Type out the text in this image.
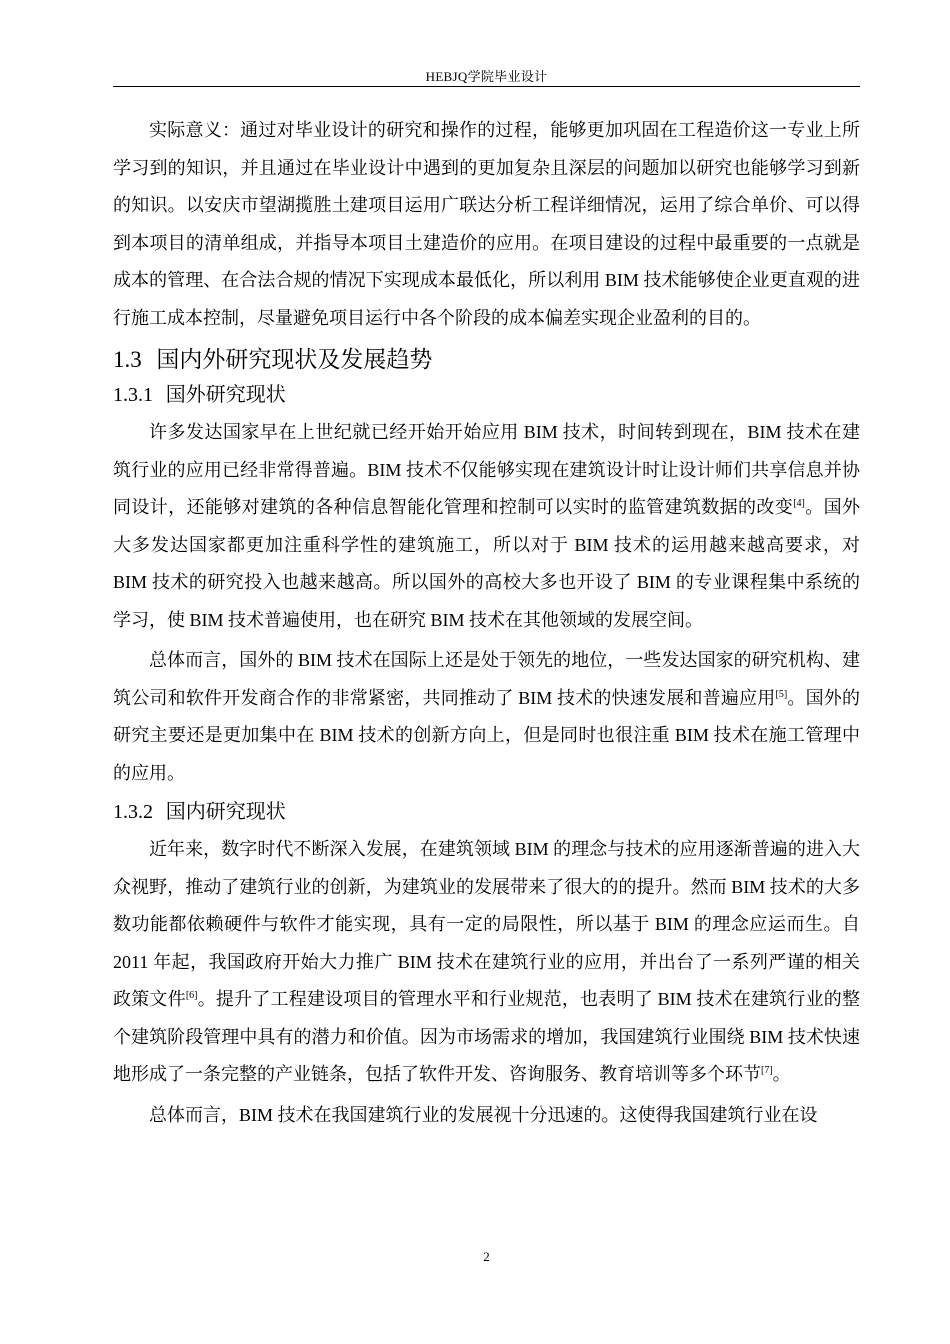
HEBJQ学院毕业设计

实际意义：通过对毕业设计的研究和操作的过程，能够更加巩固在工程造价这一专业上所学习到的知识，并且通过在毕业设计中遇到的更加复杂且深层的问题加以研究也能够学习到新的知识。以安庆市望湖揽胜土建项目运用广联达分析工程详细情况，运用了综合单价、可以得到本项目的清单组成，并指导本项目土建造价的应用。在项目建设的过程中最重要的一点就是成本的管理、在合法合规的情况下实现成本最低化，所以利用 BIM 技术能够使企业更直观的进行施工成本控制，尽量避免项目运行中各个阶段的成本偏差实现企业盈利的目的。

1.3 国内外研究现状及发展趋势
1.3.1 国外研究现状

许多发达国家早在上世纪就已经开始开始应用 BIM 技术，时间转到现在，BIM 技术在建筑行业的应用已经非常得普遍。BIM 技术不仅能够实现在建筑设计时让设计师们共享信息并协同设计，还能够对建筑的各种信息智能化管理和控制可以实时的监管建筑数据的改变[4]。国外大多发达国家都更加注重科学性的建筑施工，所以对于 BIM 技术的运用越来越高要求，对 BIM 技术的研究投入也越来越高。所以国外的高校大多也开设了 BIM 的专业课程集中系统的学习，使 BIM 技术普遍使用，也在研究 BIM 技术在其他领域的发展空间。

总体而言，国外的 BIM 技术在国际上还是处于领先的地位，一些发达国家的研究机构、建筑公司和软件开发商合作的非常紧密，共同推动了 BIM 技术的快速发展和普遍应用[5]。国外的研究主要还是更加集中在 BIM 技术的创新方向上，但是同时也很注重 BIM 技术在施工管理中的应用。

1.3.2 国内研究现状

近年来，数字时代不断深入发展，在建筑领域 BIM 的理念与技术的应用逐渐普遍的进入大众视野，推动了建筑行业的创新，为建筑业的发展带来了很大的的提升。然而 BIM 技术的大多数功能都依赖硬件与软件才能实现，具有一定的局限性，所以基于 BIM 的理念应运而生。自 2011 年起，我国政府开始大力推广 BIM 技术在建筑行业的应用，并出台了一系列严谨的相关政策文件[6]。提升了工程建设项目的管理水平和行业规范，也表明了 BIM 技术在建筑行业的整个建筑阶段管理中具有的潜力和价值。因为市场需求的增加，我国建筑行业围绕 BIM 技术快速地形成了一条完整的产业链条，包括了软件开发、咨询服务、教育培训等多个环节[7]。

总体而言，BIM 技术在我国建筑行业的发展视十分迅速的。这使得我国建筑行业在设

2
